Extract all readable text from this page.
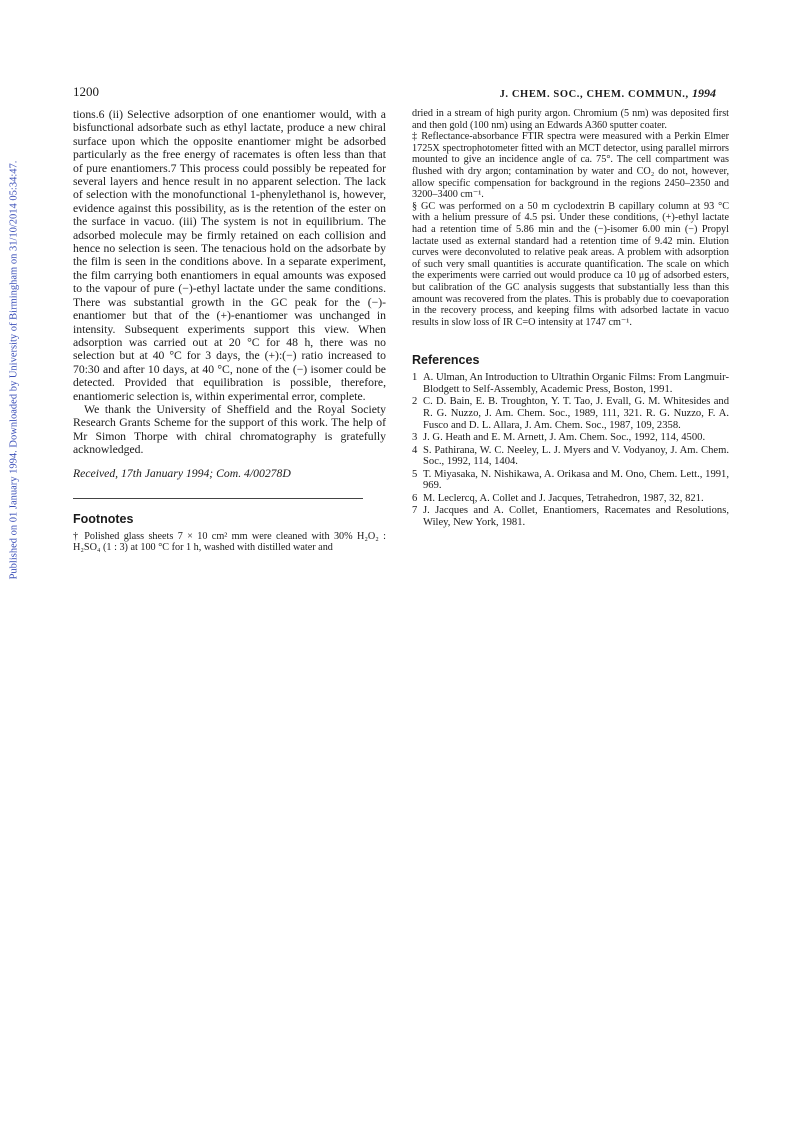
Published on 01 January 1994. Downloaded by University of Birmingham on 31/10/2014 05:34:47.
1200	J. CHEM. SOC., CHEM. COMMUN., 1994

tions.6 (ii) Selective adsorption of one enantiomer would, with a bisfunctional adsorbate such as ethyl lactate, produce a new chiral surface upon which the opposite enantiomer might be adsorbed particularly as the free energy of racemates is often less than that of pure enantiomers.7 This process could possibly be repeated for several layers and hence result in no apparent selection. The lack of selection with the monofunctional 1-phenylethanol is, however, evidence against this possibility, as is the retention of the ester on the surface in vacuo. (iii) The system is not in equilibrium. The adsorbed molecule may be firmly retained on each collision and hence no selection is seen. The tenacious hold on the adsorbate by the film is seen in the conditions above. In a separate experiment, the film carrying both enantiomers in equal amounts was exposed to the vapour of pure (−)-ethyl lactate under the same conditions. There was substantial growth in the GC peak for the (−)-enantiomer but that of the (+)-enantiomer was unchanged in intensity. Subsequent experiments support this view. When adsorption was carried out at 20 °C for 48 h, there was no selection but at 40 °C for 3 days, the (+):(−) ratio increased to 70:30 and after 10 days, at 40 °C, none of the (−) isomer could be detected. Provided that equilibration is possible, therefore, enantiomeric selection is, within experimental error, complete.

We thank the University of Sheffield and the Royal Society Research Grants Scheme for the support of this work. The help of Mr Simon Thorpe with chiral chromatography is gratefully acknowledged.

Received, 17th January 1994; Com. 4/00278D

Footnotes

† Polished glass sheets 7 × 10 cm² mm were cleaned with 30% H₂O₂ : H₂SO₄ (1 : 3) at 100 °C for 1 h, washed with distilled water and

dried in a stream of high purity argon. Chromium (5 nm) was deposited first and then gold (100 nm) using an Edwards A360 sputter coater.

‡ Reflectance-absorbance FTIR spectra were measured with a Perkin Elmer 1725X spectrophotometer fitted with an MCT detector, using parallel mirrors mounted to give an incidence angle of ca. 75°. The cell compartment was flushed with dry argon; contamination by water and CO₂ do not, however, allow specific compensation for background in the regions 2450–2350 and 3200–3400 cm⁻¹.

§ GC was performed on a 50 m cyclodextrin B capillary column at 93 °C with a helium pressure of 4.5 psi. Under these conditions, (+)-ethyl lactate had a retention time of 5.86 min and the (−)-isomer 6.00 min (−) Propyl lactate used as external standard had a retention time of 9.42 min. Elution curves were deconvoluted to relative peak areas. A problem with adsorption of such very small quantities is accurate quantification. The scale on which the experiments were carried out would produce ca 10 μg of adsorbed esters, but calibration of the GC analysis suggests that substantially less than this amount was recovered from the plates. This is probably due to coevaporation in the recovery process, and keeping films with adsorbed lactate in vacuo results in slow loss of IR C=O intensity at 1747 cm⁻¹.

References
1 A. Ulman, An Introduction to Ultrathin Organic Films: From Langmuir-Blodgett to Self-Assembly, Academic Press, Boston, 1991.
2 C. D. Bain, E. B. Troughton, Y. T. Tao, J. Evall, G. M. Whitesides and R. G. Nuzzo, J. Am. Chem. Soc., 1989, 111, 321. R. G. Nuzzo, F. A. Fusco and D. L. Allara, J. Am. Chem. Soc., 1987, 109, 2358.
3 J. G. Heath and E. M. Arnett, J. Am. Chem. Soc., 1992, 114, 4500.
4 S. Pathirana, W. C. Neeley, L. J. Myers and V. Vodyanoy, J. Am. Chem. Soc., 1992, 114, 1404.
5 T. Miyasaka, N. Nishikawa, A. Orikasa and M. Ono, Chem. Lett., 1991, 969.
6 M. Leclercq, A. Collet and J. Jacques, Tetrahedron, 1987, 32, 821.
7 J. Jacques and A. Collet, Enantiomers, Racemates and Resolutions, Wiley, New York, 1981.
